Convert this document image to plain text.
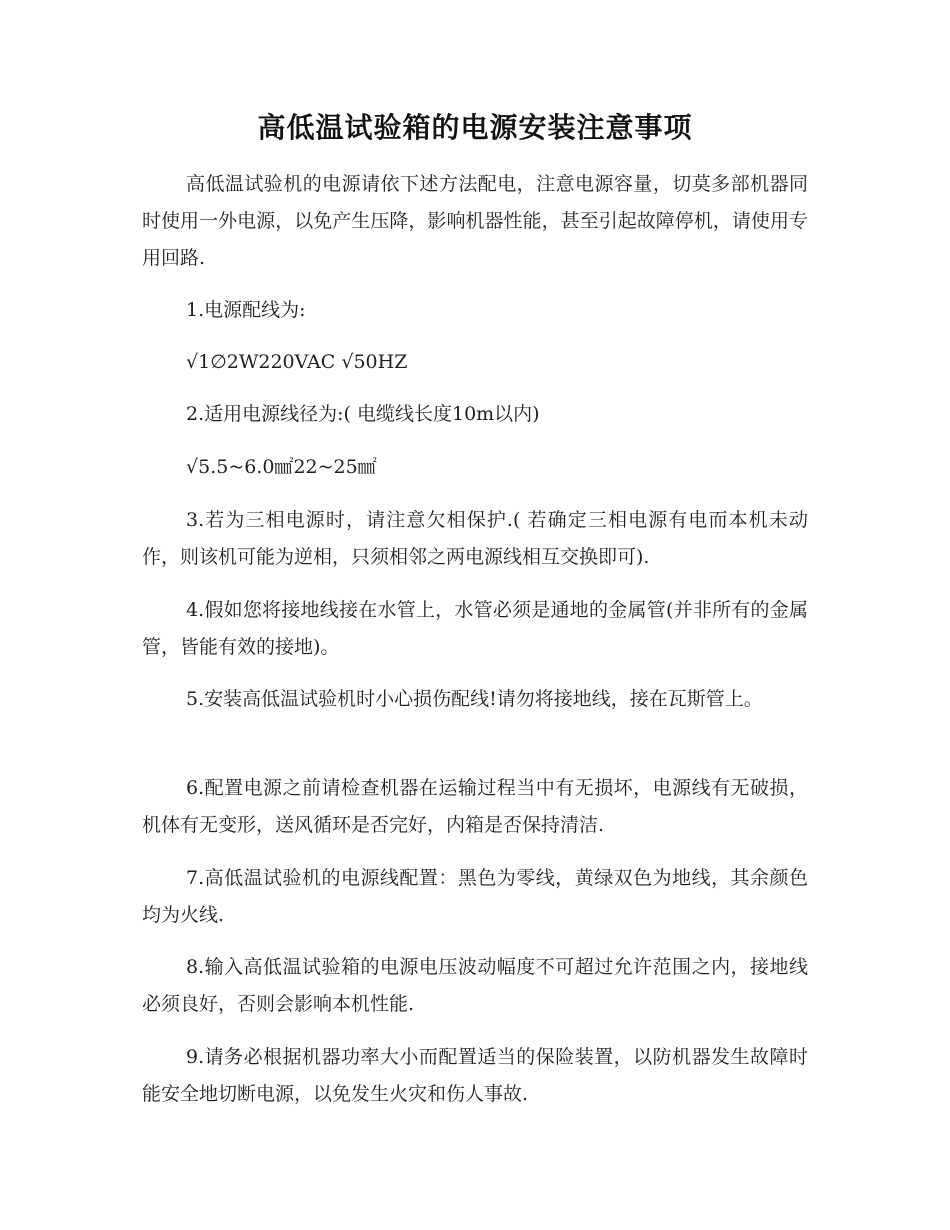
高低温试验箱的电源安装注意事项
高低温试验机的电源请依下述方法配电，注意电源容量，切莫多部机器同时使用一外电源，以免产生压降，影响机器性能，甚至引起故障停机，请使用专用回路.
1.电源配线为:
√1∅2W220VAC √50HZ
2.适用电源线径为:( 电缆线长度10m以内)
√5.5~6.0㎟22~25㎟
3.若为三相电源时，请注意欠相保护.( 若确定三相电源有电而本机未动作，则该机可能为逆相，只须相邻之两电源线相互交换即可).
4.假如您将接地线接在水管上，水管必须是通地的金属管(并非所有的金属管，皆能有效的接地)。
5.安装高低温试验机时小心损伤配线!请勿将接地线，接在瓦斯管上。
6.配置电源之前请检查机器在运输过程当中有无损坏，电源线有无破损，机体有无变形，送风循环是否完好，内箱是否保持清洁.
7.高低温试验机的电源线配置：黑色为零线，黄绿双色为地线，其余颜色均为火线.
8.输入高低温试验箱的电源电压波动幅度不可超过允许范围之内，接地线必须良好，否则会影响本机性能.
9.请务必根据机器功率大小而配置适当的保险装置，以防机器发生故障时能安全地切断电源，以免发生火灾和伤人事故.
